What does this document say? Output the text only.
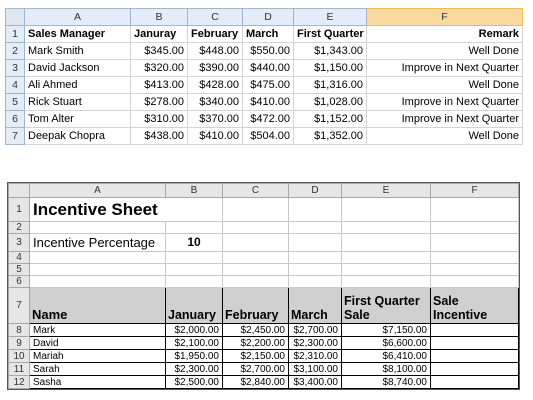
	A	B	C	D	E	F
1	Sales Manager	Januray	February	March	First Quarter	Remark
2	Mark Smith	$345.00	$448.00	$550.00	$1,343.00	Well Done
3	David Jackson	$320.00	$390.00	$440.00	$1,150.00	Improve in Next Quarter
4	Ali Ahmed	$413.00	$428.00	$475.00	$1,316.00	Well Done
5	Rick Stuart	$278.00	$340.00	$410.00	$1,028.00	Improve in Next Quarter
6	Tom Alter	$310.00	$370.00	$472.00	$1,152.00	Improve in Next Quarter
7	Deepak Chopra	$438.00	$410.00	$504.00	$1,352.00	Well Done
	A	B	C	D	E	F
1	Incentive Sheet					
2						
3	Incentive Percentage	10				
4						
5						
6						
7	Name	January	February	March	First Quarter Sale	Sale Incentive
8	Mark	$2,000.00	$2,450.00	$2,700.00	$7,150.00	
9	David	$2,100.00	$2,200.00	$2,300.00	$6,600.00	
10	Mariah	$1,950.00	$2,150.00	$2,310.00	$6,410.00	
11	Sarah	$2,300.00	$2,700.00	$3,100.00	$8,100.00	
12	Sasha	$2,500.00	$2,840.00	$3,400.00	$8,740.00	
